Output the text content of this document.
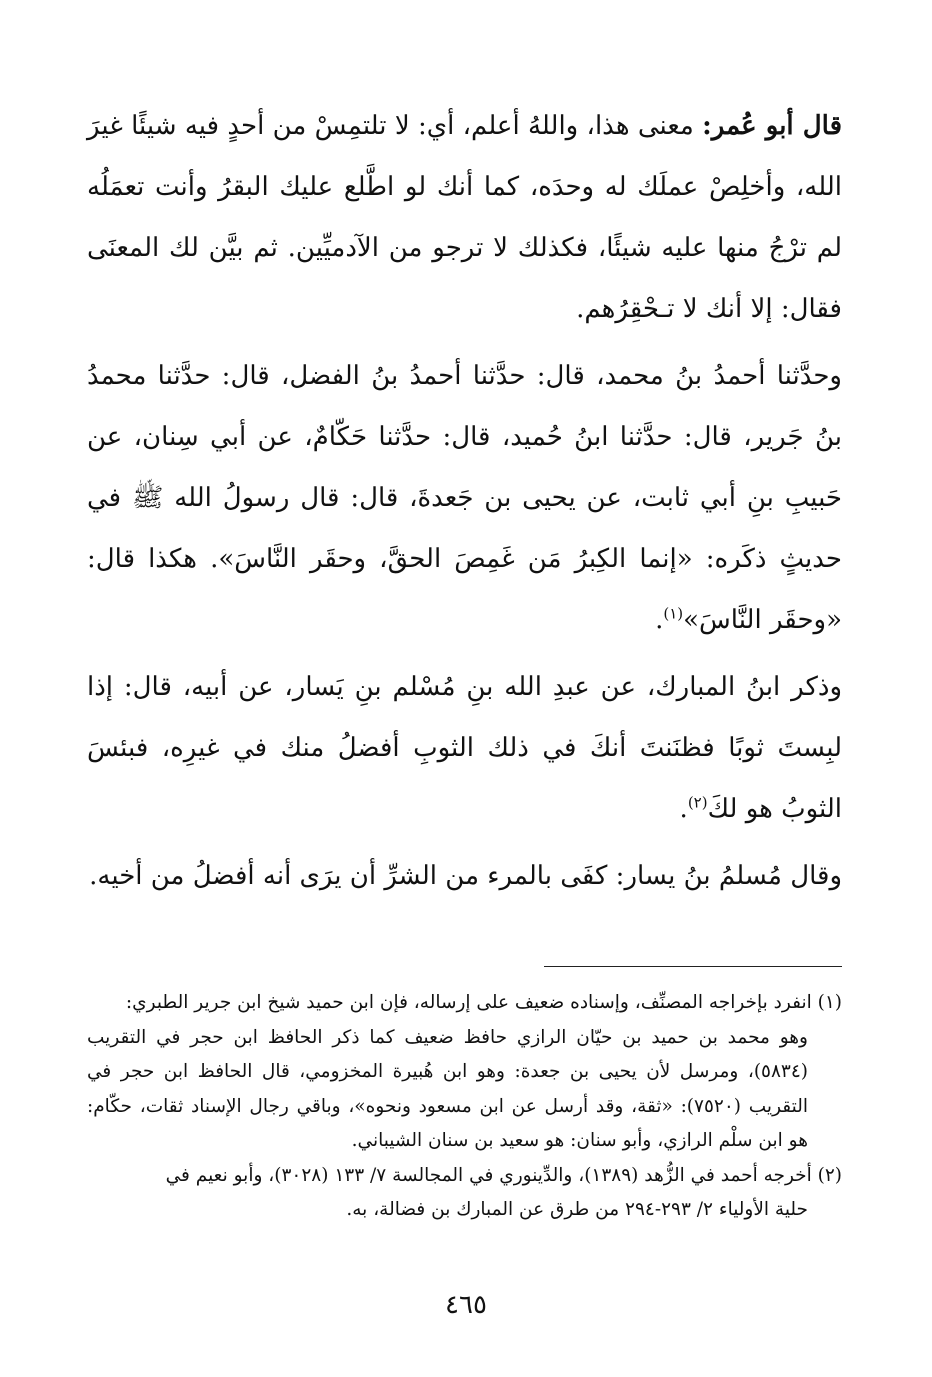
قال أبو عُمر: معنى هذا، واللهُ أعلم، أي: لا تلتمِسْ من أحدٍ فيه شيئًا غيرَ الله، وأخلِصْ عملَك له وحدَه، كما أنك لو اطَّلع عليك البقرُ وأنت تعمَلُه لم ترْجُ منها عليه شيئًا، فكذلك لا ترجو من الآدميِّين. ثم بيَّن لك المعنَى فقال: إلا أنك لا تـحْقِرُهم.

وحدَّثنا أحمدُ بنُ محمد، قال: حدَّثنا أحمدُ بنُ الفضل، قال: حدَّثنا محمدُ بنُ جَرير، قال: حدَّثنا ابنُ حُميد، قال: حدَّثنا حَكّامٌ، عن أبي سِنان، عن حَبيبِ بنِ أبي ثابت، عن يحيى بن جَعدةَ، قال: قال رسولُ الله ﷺ في حديثٍ ذكَره: «إنما الكِبرُ مَن غَمِصَ الحقَّ، وحقَر النَّاسَ». هكذا قال: «وحقَر النَّاسَ»$^{(١)}$.

وذكر ابنُ المبارك، عن عبدِ الله بنِ مُسْلم بنِ يَسار، عن أبيه، قال: إذا لبِستَ ثوبًا فظنَنتَ أنكَ في ذلك الثوبِ أفضلُ منك في غيرِه، فبئسَ الثوبُ هو لكَ$^{(٢)}$.

وقال مُسلمُ بنُ يسار: كفَى بالمرء من الشرِّ أن يرَى أنه أفضلُ من أخيه.

(١) انفرد بإخراجه المصنِّف، وإسناده ضعيف على إرساله، فإن ابن حميد شيخ ابن جرير الطبري:
وهو محمد بن حميد بن حيّان الرازي حافظ ضعيف كما ذكر الحافظ ابن حجر في التقريب (٥٨٣٤)، ومرسل لأن يحيى بن جعدة: وهو ابن هُبيرة المخزومي، قال الحافظ ابن حجر في التقريب (٧٥٢٠): «ثقة، وقد أرسل عن ابن مسعود ونحوه»، وباقي رجال الإسناد ثقات، حكّام: هو ابن سلْم الرازي، وأبو سنان: هو سعيد بن سنان الشيباني.

(٢) أخرجه أحمد في الزُّهد (١٣٨٩)، والدِّينوري في المجالسة ٧/ ١٣٣ (٣٠٢٨)، وأبو نعيم في
حلية الأولياء ٢/ ٢٩٣-٢٩٤ من طرق عن المبارك بن فضالة، به.

٤٦٥
